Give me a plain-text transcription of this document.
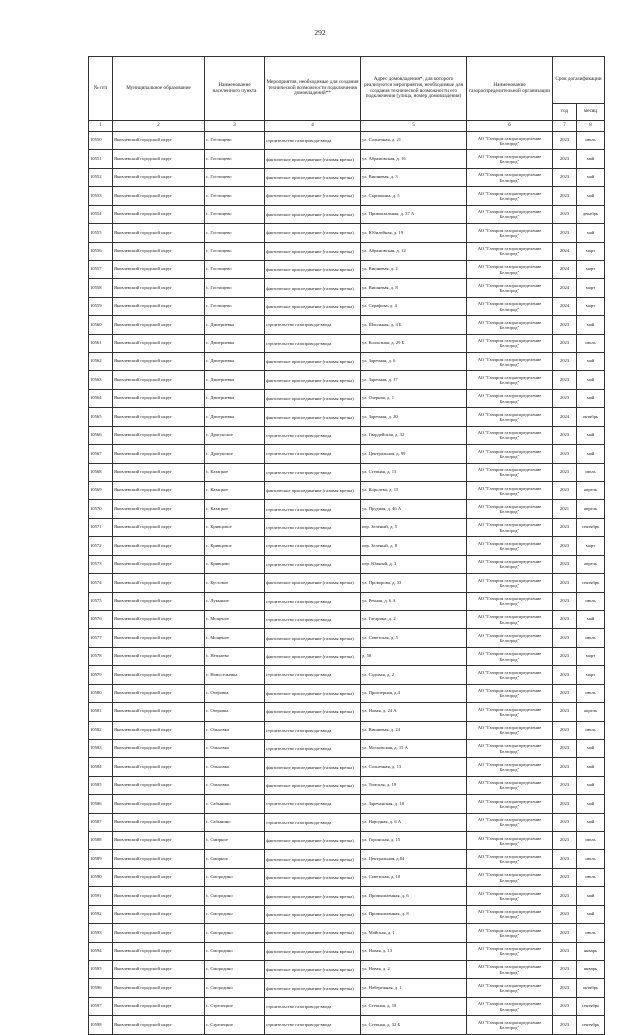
292
№ п/п	Муниципальное образование	Наименование населенного пункта	Мероприятия, необходимые для создания технической возможности подключения домовладений**	Адрес домовладения*, для которого реализуются мероприятия, необходимые для создания технической возможности его подключения (улица, номер домовладения)	Наименование газораспределительной организации	Срок догазификации	
						год	месяц
1	2	3	4	5	6	7	8
10550	Яковлевский городской округ	с. Гостищево	строительство газопровода-ввода	ул. Солнечная, д. 21	АО "Газпром газораспределение Белгород"	2023	июль
10551	Яковлевский городской округ	с. Гостищево	фактическое присоединение (газовая врезка)	ул. Абрамовская, д. 16	АО "Газпром газораспределение Белгород"	2023	май
10552	Яковлевский городской округ	с. Гостищево	фактическое присоединение (газовая врезка)	ул. Вишневая, д. 3	АО "Газпром газораспределение Белгород"	2023	май
10553	Яковлевский городской округ	с. Гостищево	фактическое присоединение (газовая врезка)	ул. Скрипкина, д. 5	АО "Газпром газораспределение Белгород"	2023	май
10554	Яковлевский городской округ	с. Гостищево	фактическое присоединение (газовая врезка)	ул. Привокзальная, д. 37 А	АО "Газпром газораспределение Белгород"	2023	декабрь
10555	Яковлевский городской округ	с. Гостищево	фактическое присоединение (газовая врезка)	ул. Юбилейная, д. 19	АО "Газпром газораспределение Белгород"	2023	май
10556	Яковлевский городской округ	с. Гостищево	фактическое присоединение (газовая врезка)	ул. Абрамовская, д. 12	АО "Газпром газораспределение Белгород"	2024	март
10557	Яковлевский городской округ	с. Гостищево	фактическое присоединение (газовая врезка)	ул. Вишневая, д. 2	АО "Газпром газораспределение Белгород"	2024	март
10558	Яковлевский городской округ	с. Гостищево	фактическое присоединение (газовая врезка)	ул. Вишневая, д. 8	АО "Газпром газораспределение Белгород"	2024	март
10559	Яковлевский городской округ	с. Гостищево	фактическое присоединение (газовая врезка)	ул. Серафова, д. 4	АО "Газпром газораспределение Белгород"	2024	март
10560	Яковлевский городской округ	с. Дмитриевка	строительство газопровода-ввода	ул. Школьная, д. 4 Б	АО "Газпром газораспределение Белгород"	2023	май
10561	Яковлевский городской округ	с. Дмитриевка	строительство газопровода-ввода	ул. Колхозная, д. 29 Б	АО "Газпром газораспределение Белгород"	2023	июль
10562	Яковлевский городской округ	с. Дмитриевка	фактическое присоединение (газовая врезка)	ул. Заречная, д. 6	АО "Газпром газораспределение Белгород"	2023	май
10563	Яковлевский городской округ	с. Дмитриевка	фактическое присоединение (газовая врезка)	ул. Заречная, д. 17	АО "Газпром газораспределение Белгород"	2023	май
10564	Яковлевский городской округ	с. Дмитриевка	фактическое присоединение (газовая врезка)	ул. Озерная, д. 1	АО "Газпром газораспределение Белгород"	2023	май
10565	Яковлевский городской округ	с. Дмитриевка	фактическое присоединение (газовая врезка)	ул. Заречная, д. 20	АО "Газпром газораспределение Белгород"	2024	октябрь
10566	Яковлевский городской округ	с. Драгунское	строительство газопровода-ввода	ул. Гвардейская, д. 32	АО "Газпром газораспределение Белгород"	2023	май
10567	Яковлевский городской округ	с. Драгунское	строительство газопровода-ввода	ул. Центральная, д. 99	АО "Газпром газораспределение Белгород"	2023	май
10568	Яковлевский городской округ	с. Казацкое	строительство газопровода-ввода	ул. Степная, д. 13	АО "Газпром газораспределение Белгород"	2023	июль
10569	Яковлевский городской округ	с. Казацкое	фактическое присоединение (газовая врезка)	ул. Королева, д. 15	АО "Газпром газораспределение Белгород"	2023	апрель
10570	Яковлевский городской округ	с. Казацкое	строительство газопровода-ввода	ул. Прудная, д. 46 А	АО "Газпром газораспределение Белгород"	2021	апрель
10571	Яковлевский городской округ	с. Кривцовое	строительство газопровода-ввода	пер. Зеленый, д. 5	АО "Газпром газораспределение Белгород"	2023	сентябрь
10572	Яковлевский городской округ	с. Кривцовое	строительство газопровода-ввода	пер. Зеленый, д. 8	АО "Газпром газораспределение Белгород"	2023	март
10573	Яковлевский городской округ	с. Кривцово	строительство газопровода-ввода	пер. Южный, д. 3	АО "Газпром газораспределение Белгород"	2023	апрель
10574	Яковлевский городской округ	с. Кустовое	фактическое присоединение (газовая врезка)	ул. Проворова, д. 33	АО "Газпром газораспределение Белгород"	2023	сентябрь
10575	Яковлевский городской округ	с. Лукьяное	строительство газопровода-ввода	ул. Речная, д. 6 А	АО "Газпром газораспределение Белгород"	2023	июль
10576	Яковлевский городской округ	с. Мощеное	строительство газопровода-ввода	ул. Гагарина, д. 2	АО "Газпром газораспределение Белгород"	2023	май
10577	Яковлевский городской округ	с. Мощеное	фактическое присоединение (газовая врезка)	ул. Советская, д. 5	АО "Газпром газораспределение Белгород"	2023	июль
10578	Яковлевский городской округ	с. Непхаево	фактическое присоединение (газовая врезка)	д. 50	АО "Газпром газораспределение Белгород"	2023	март
10579	Яковлевский городской округ	с. Новосельевка	строительство газопровода-ввода	ул. Садовая, д. 2	АО "Газпром газораспределение Белгород"	2023	март
10580	Яковлевский городской округ	с. Озеровка	фактическое присоединение (газовая врезка)	ул. Приозерная, д.4	АО "Газпром газораспределение Белгород"	2023	июль
10581	Яковлевский городской округ	с. Озеровка	фактическое присоединение (газовая врезка)	ул. Новая, д. 24 А	АО "Газпром газораспределение Белгород"	2023	апрель
10582	Яковлевский городской округ	с. Ольховка	строительство газопровода-ввода	ул. Вишневая, д. 24	АО "Газпром газораспределение Белгород"	2023	июль
10583	Яковлевский городской округ	с. Ольховка	строительство газопровода-ввода	ул. Московская, д. 15 А	АО "Газпром газораспределение Белгород"	2023	май
10584	Яковлевский городской округ	с. Ольховка	фактическое присоединение (газовая врезка)	ул. Солнечная, д. 13	АО "Газпром газораспределение Белгород"	2023	май
10585	Яковлевский городской округ	с. Ольховка	фактическое присоединение (газовая врезка)	ул. Томская, д. 19	АО "Газпром газораспределение Белгород"	2023	май
10586	Яковлевский городской округ	с. Сабынино	строительство газопровода-ввода	ул. Заречанская, д. 18	АО "Газпром газораспределение Белгород"	2023	май
10587	Яковлевский городской округ	с. Сабынино	строительство газопровода-ввода	ул. Народная, д. 6 А	АО "Газпром газораспределение Белгород"	2023	май
10588	Яковлевский городской округ	с. Смирное	фактическое присоединение (газовая врезка)	ул. Горонская, д. 15	АО "Газпром газораспределение Белгород"	2023	июль
10589	Яковлевский городской округ	с. Смирное	фактическое присоединение (газовая врезка)	ул. Центральная, д.84	АО "Газпром газораспределение Белгород"	2023	июль
10590	Яковлевский городской округ	с. Смородино	фактическое присоединение (газовая врезка)	ул. Советская, д. 10	АО "Газпром газораспределение Белгород"	2023	июль
10591	Яковлевский городской округ	с. Смородино	фактическое присоединение (газовая врезка)	ул. Промышленная, д. 6	АО "Газпром газораспределение Белгород"	2023	май
10592	Яковлевский городской округ	с. Смородино	фактическое присоединение (газовая врезка)	ул. Промышленная, д. 8	АО "Газпром газораспределение Белгород"	2023	май
10593	Яковлевский городской округ	с. Смородино	фактическое присоединение (газовая врезка)	ул. Майская, д. 1	АО "Газпром газораспределение Белгород"	2023	июль
10594	Яковлевский городской округ	с. Смородино	фактическое присоединение (газовая врезка)	ул. Новая, д. 13	АО "Газпром газораспределение Белгород"	2023	январь
10595	Яковлевский городской округ	с. Смородино	фактическое присоединение (газовая врезка)	ул. Новая, д. 2	АО "Газпром газораспределение Белгород"	2023	январь
10596	Яковлевский городской округ	с. Смородино	фактическое присоединение (газовая врезка)	ул. Набережная, д. 1	АО "Газпром газораспределение Белгород"	2023	октябрь
10597	Яковлевский городской округ	с. Стрелецкое	строительство газопровода-ввода	ул. Степная, д. 18	АО "Газпром газораспределение Белгород"	2023	сентябрь
10598	Яковлевский городской округ	с. Стрелецкое	строительство газопровода-ввода	ул. Степная, д. 32 Б	АО "Газпром газораспределение Белгород"	2023	сентябрь
